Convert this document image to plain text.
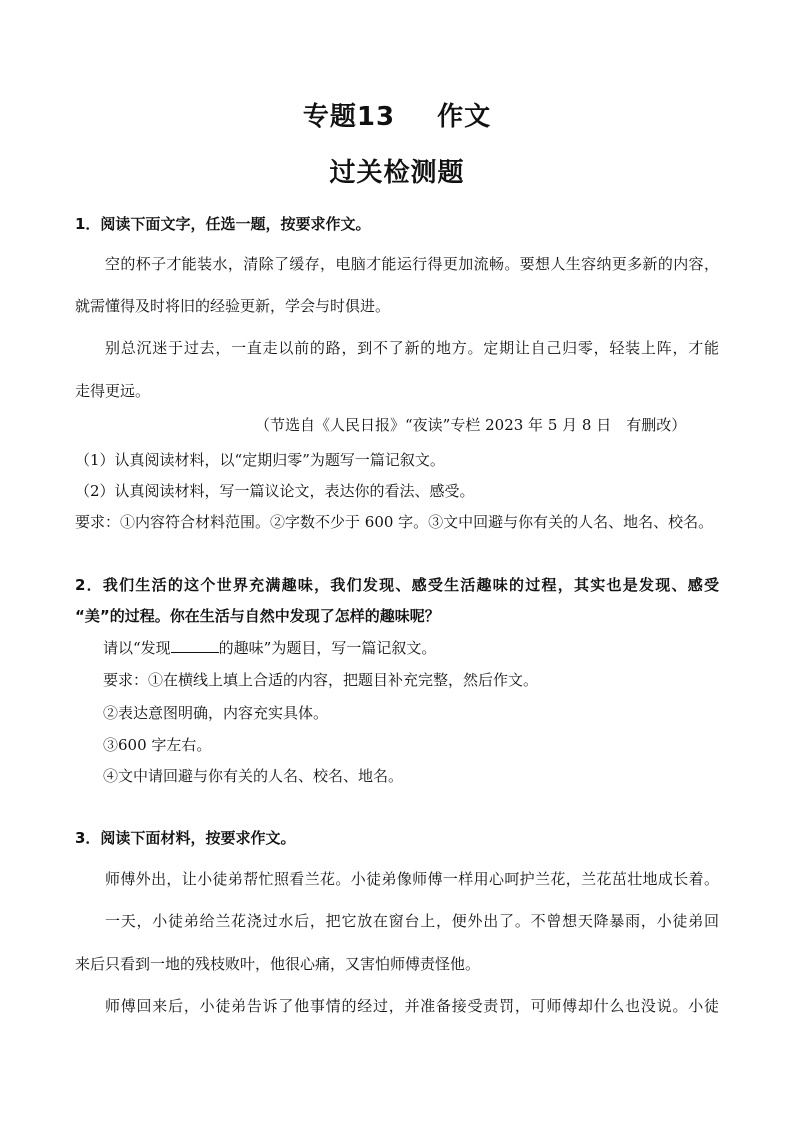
专题13 作文
过关检测题
1．阅读下面文字，任选一题，按要求作文。
空的杯子才能装水，清除了缓存，电脑才能运行得更加流畅。要想人生容纳更多新的内容，
就需懂得及时将旧的经验更新，学会与时俱进。
别总沉迷于过去，一直走以前的路，到不了新的地方。定期让自己归零，轻装上阵，才能
走得更远。
（节选自《人民日报》“夜读”专栏 2023 年 5 月 8 日　有删改）
（1）认真阅读材料，以“定期归零”为题写一篇记叙文。
（2）认真阅读材料，写一篇议论文，表达你的看法、感受。
要求：①内容符合材料范围。②字数不少于 600 字。③文中回避与你有关的人名、地名、校名。
2．我们生活的这个世界充满趣味，我们发现、感受生活趣味的过程，其实也是发现、感受
“美”的过程。你在生活与自然中发现了怎样的趣味呢？
请以“发现	的趣味”为题目，写一篇记叙文。
要求：①在横线上填上合适的内容，把题目补充完整，然后作文。
②表达意图明确，内容充实具体。
③600 字左右。
④文中请回避与你有关的人名、校名、地名。
3．阅读下面材料，按要求作文。
师傅外出，让小徒弟帮忙照看兰花。小徒弟像师傅一样用心呵护兰花，兰花茁壮地成长着。
一天，小徒弟给兰花浇过水后，把它放在窗台上，便外出了。不曾想天降暴雨，小徒弟回
来后只看到一地的残枝败叶，他很心痛，又害怕师傅责怪他。
师傅回来后，小徒弟告诉了他事情的经过，并准备接受责罚，可师傅却什么也没说。小徒
